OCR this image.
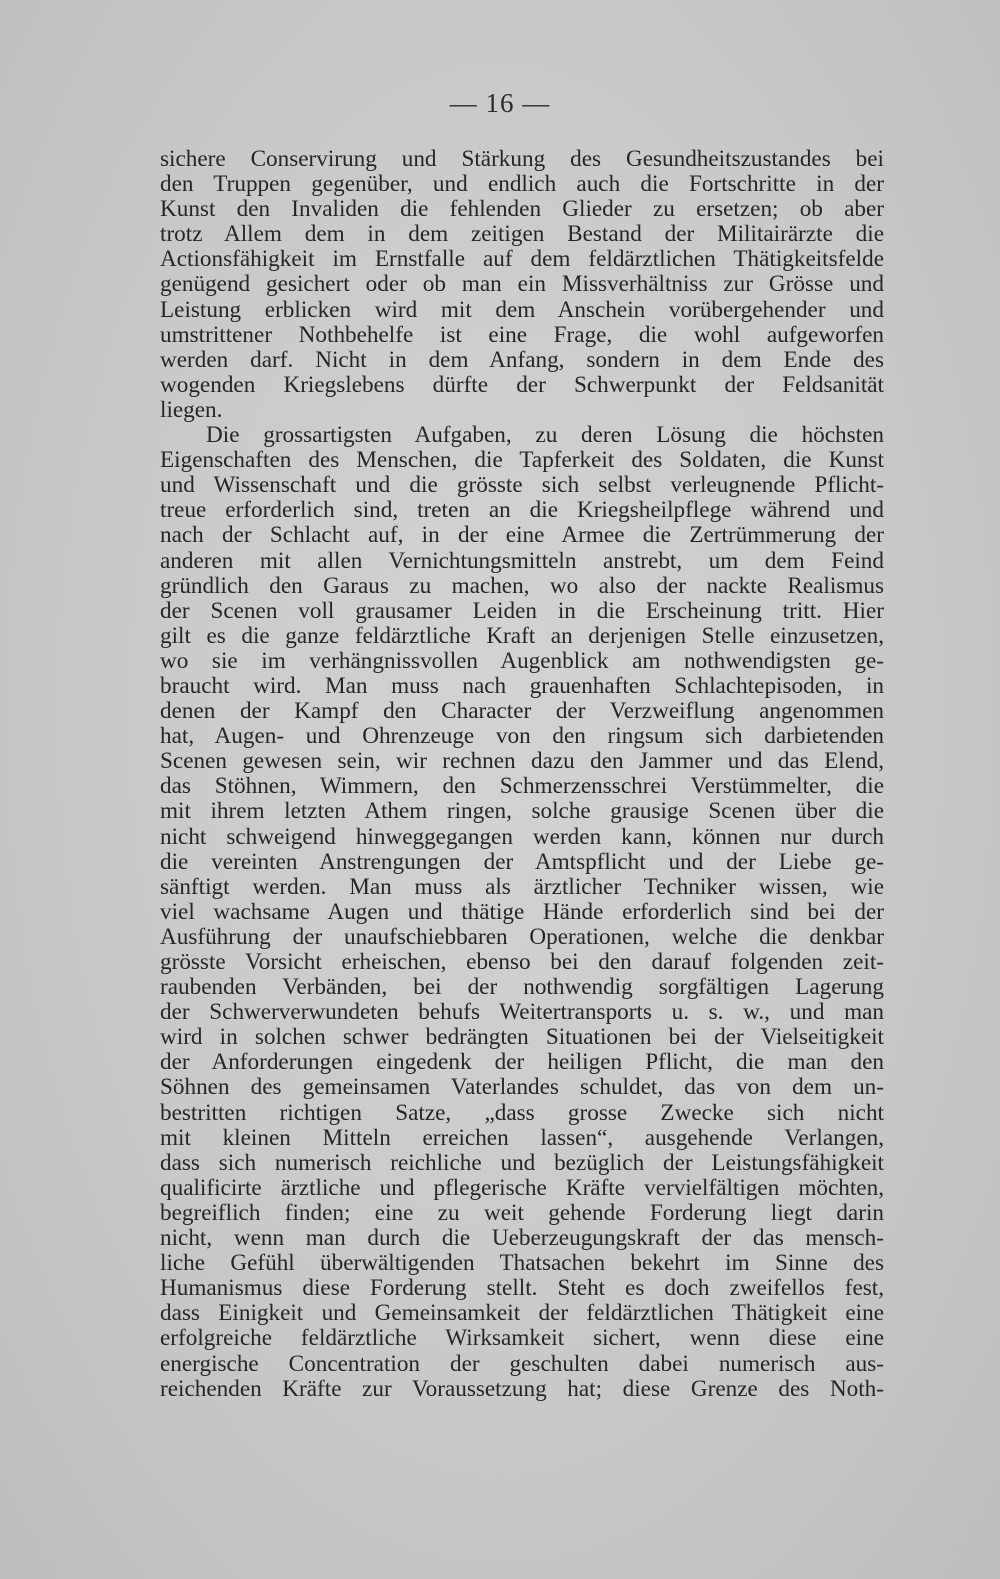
— 16 —
sichere Conservirung und Stärkung des Gesundheitszustandes bei
den Truppen gegenüber, und endlich auch die Fortschritte in der
Kunst den Invaliden die fehlenden Glieder zu ersetzen; ob aber
trotz Allem dem in dem zeitigen Bestand der Militairärzte die
Actionsfähigkeit im Ernstfalle auf dem feldärztlichen Thätigkeitsfelde
genügend gesichert oder ob man ein Missverhältniss zur Grösse und
Leistung erblicken wird mit dem Anschein vorübergehender und
umstrittener Nothbehelfe ist eine Frage, die wohl aufgeworfen
werden darf. Nicht in dem Anfang, sondern in dem Ende des
wogenden Kriegslebens dürfte der Schwerpunkt der Feldsanität
liegen.
Die grossartigsten Aufgaben, zu deren Lösung die höchsten
Eigenschaften des Menschen, die Tapferkeit des Soldaten, die Kunst
und Wissenschaft und die grösste sich selbst verleugnende Pflicht-
treue erforderlich sind, treten an die Kriegsheilpflege während und
nach der Schlacht auf, in der eine Armee die Zertrümmerung der
anderen mit allen Vernichtungsmitteln anstrebt, um dem Feind
gründlich den Garaus zu machen, wo also der nackte Realismus
der Scenen voll grausamer Leiden in die Erscheinung tritt. Hier
gilt es die ganze feldärztliche Kraft an derjenigen Stelle einzusetzen,
wo sie im verhängnissvollen Augenblick am nothwendigsten ge-
braucht wird. Man muss nach grauenhaften Schlachtepisoden, in
denen der Kampf den Character der Verzweiflung angenommen
hat, Augen- und Ohrenzeuge von den ringsum sich darbietenden
Scenen gewesen sein, wir rechnen dazu den Jammer und das Elend,
das Stöhnen, Wimmern, den Schmerzensschrei Verstümmelter, die
mit ihrem letzten Athem ringen, solche grausige Scenen über die
nicht schweigend hinweggegangen werden kann, können nur durch
die vereinten Anstrengungen der Amtspflicht und der Liebe ge-
sänftigt werden. Man muss als ärztlicher Techniker wissen, wie
viel wachsame Augen und thätige Hände erforderlich sind bei der
Ausführung der unaufschiebbaren Operationen, welche die denkbar
grösste Vorsicht erheischen, ebenso bei den darauf folgenden zeit-
raubenden Verbänden, bei der nothwendig sorgfältigen Lagerung
der Schwerverwundeten behufs Weitertransports u. s. w., und man
wird in solchen schwer bedrängten Situationen bei der Vielseitigkeit
der Anforderungen eingedenk der heiligen Pflicht, die man den
Söhnen des gemeinsamen Vaterlandes schuldet, das von dem un-
bestritten richtigen Satze, „dass grosse Zwecke sich nicht
mit kleinen Mitteln erreichen lassen“, ausgehende Verlangen,
dass sich numerisch reichliche und bezüglich der Leistungsfähigkeit
qualificirte ärztliche und pflegerische Kräfte vervielfältigen möchten,
begreiflich finden; eine zu weit gehende Forderung liegt darin
nicht, wenn man durch die Ueberzeugungskraft der das mensch-
liche Gefühl überwältigenden Thatsachen bekehrt im Sinne des
Humanismus diese Forderung stellt. Steht es doch zweifellos fest,
dass Einigkeit und Gemeinsamkeit der feldärztlichen Thätigkeit eine
erfolgreiche feldärztliche Wirksamkeit sichert, wenn diese eine
energische Concentration der geschulten dabei numerisch aus-
reichenden Kräfte zur Voraussetzung hat; diese Grenze des Noth-
